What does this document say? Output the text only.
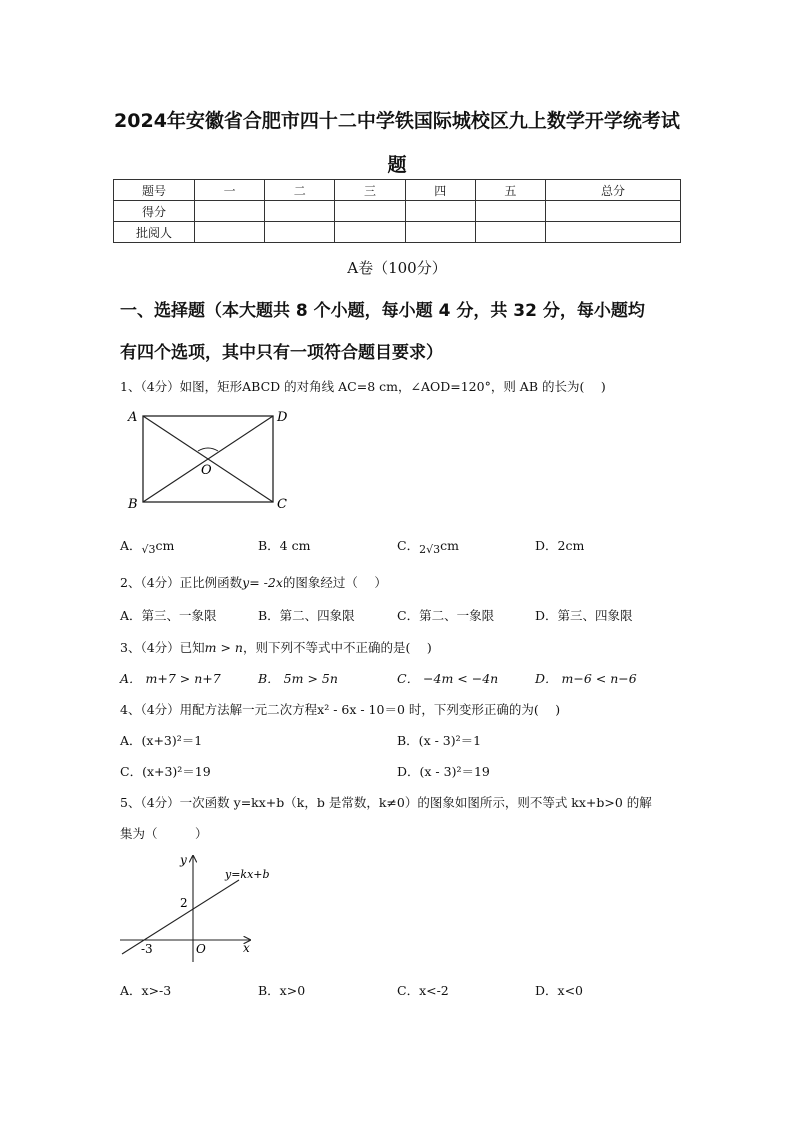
2024年安徽省合肥市四十二中学铁国际城校区九上数学开学统考试
题
题号	一	二	三	四	五	总分
得分						
批阅人						
A卷（100分）
一、选择题（本大题共 8 个小题，每小题 4 分，共 32 分，每小题均
有四个选项，其中只有一项符合题目要求）
1、（4分）如图，矩形ABCD 的对角线 AC=8 cm，∠AOD=120°，则 AB 的长为(　 )
A	D
B	C
O
A．√3cm	B．4 cm	C．2√3cm	D．2cm
2、（4分）正比例函数y= -2x的图象经过（　 ）
A．第三、一象限	B．第二、四象限	C．第二、一象限	D．第三、四象限
3、（4分）已知m > n，则下列不等式中不正确的是(　 )
A． m+7 > n+7	B． 5m > 5n	C． −4m < −4n	D． m−6 < n−6
4、（4分）用配方法解一元二次方程x² - 6x - 10＝0 时，下列变形正确的为(　 )
A．(x+3)²＝1	B．(x - 3)²＝1
C．(x+3)²＝19	D．(x - 3)²＝19
5、（4分）一次函数 y=kx+b（k，b 是常数，k≠0）的图象如图所示，则不等式 kx+b>0 的解
集为（　　　）
y
x
O
y=kx+b
2
-3
A．x>-3	B．x>0	C．x<-2	D．x<0
